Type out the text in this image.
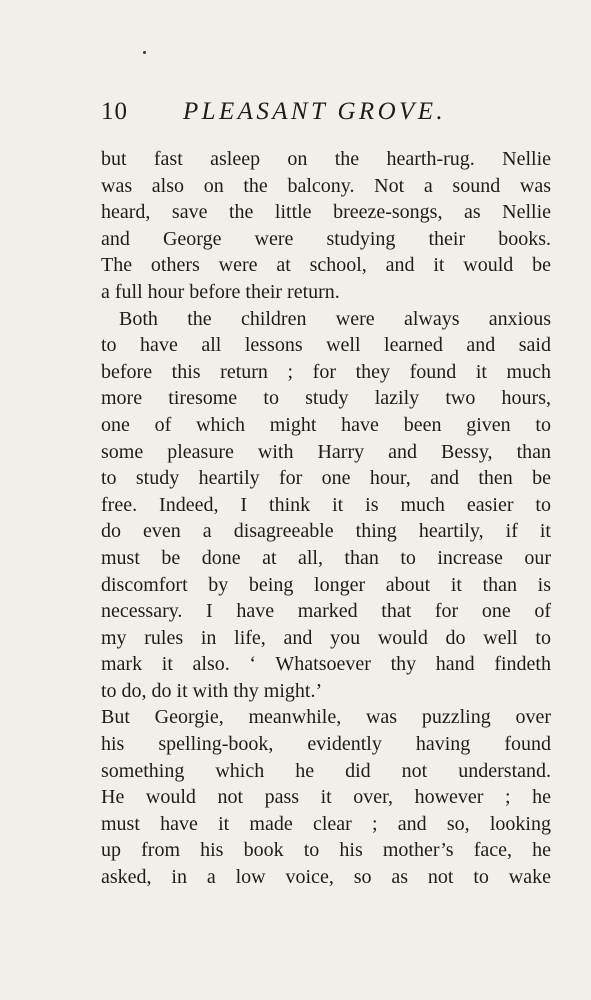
10 PLEASANT GROVE.
but fast asleep on the hearth-rug. Nellie
was also on the balcony. Not a sound was
heard, save the little breeze-songs, as Nellie
and George were studying their books.
The others were at school, and it would be
a full hour before their return.
Both the children were always anxious
to have all lessons well learned and said
before this return ; for they found it much
more tiresome to study lazily two hours,
one of which might have been given to
some pleasure with Harry and Bessy, than
to study heartily for one hour, and then be
free. Indeed, I think it is much easier to
do even a disagreeable thing heartily, if it
must be done at all, than to increase our
discomfort by being longer about it than is
necessary. I have marked that for one of
my rules in life, and you would do well to
mark it also. ‘ Whatsoever thy hand findeth
to do, do it with thy might.’
But Georgie, meanwhile, was puzzling over
his spelling-book, evidently having found
something which he did not understand.
He would not pass it over, however ; he
must have it made clear ; and so, looking
up from his book to his mother’s face, he
asked, in a low voice, so as not to wake
